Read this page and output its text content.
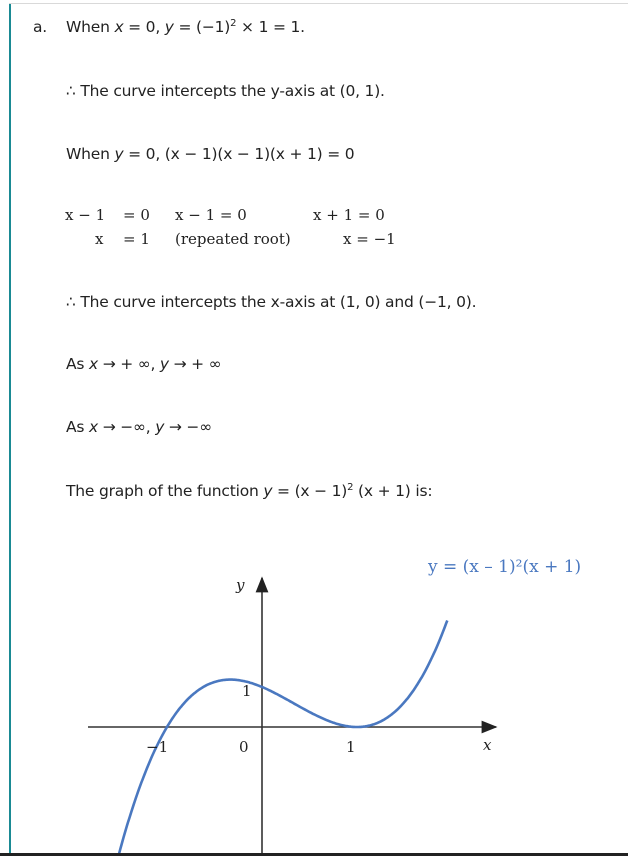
a. When x = 0, $y = (-1)^2 \times 1 = 1$.
∴ The curve intercepts the y-axis at (0, 1).
When y = 0, (x − 1)(x − 1)(x + 1) = 0
x − 1 = 0
x = 1
x − 1 = 0
(repeated root)
x + 1 = 0
x = −1
∴ The curve intercepts the x-axis at (1, 0) and (−1, 0).
As x → + ∞, y → + ∞
As x → −∞, y → −∞
The graph of the function $y = (x - 1)^2$ (x + 1) is:
y
x
−1	0	1
1
y = (x – 1)²(x + 1)
